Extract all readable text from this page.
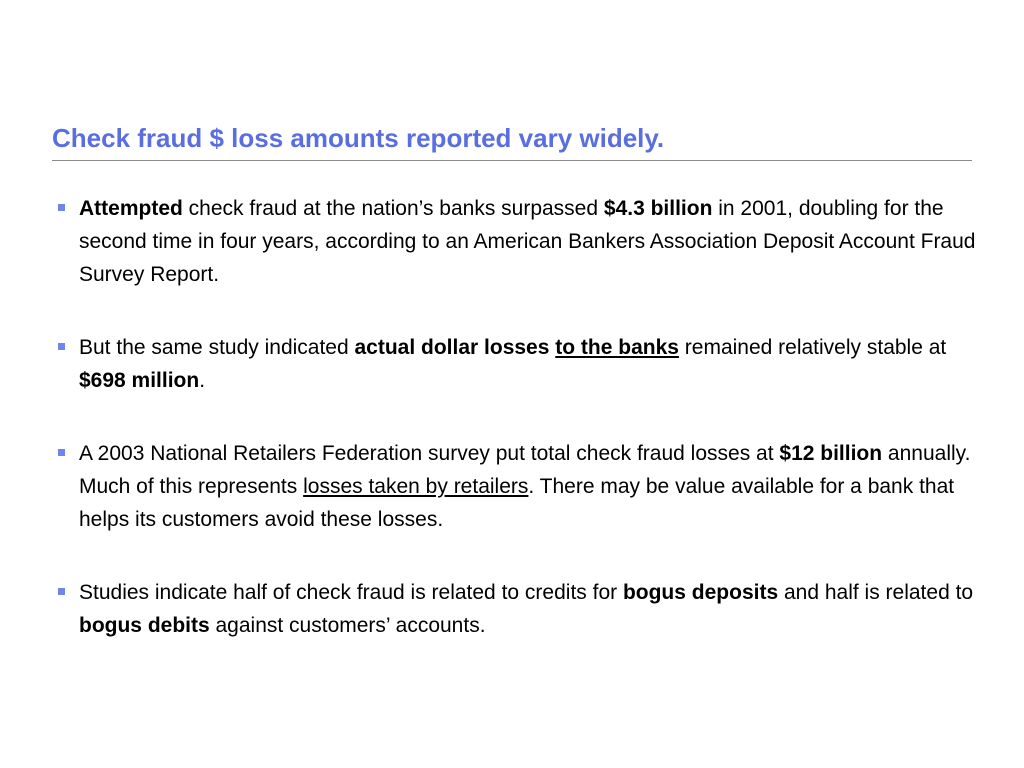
Check fraud $ loss amounts reported vary widely.
Attempted check fraud at the nation’s banks surpassed $4.3 billion in 2001, doubling for the second time in four years, according to an American Bankers Association Deposit Account Fraud Survey Report.
But the same study indicated actual dollar losses to the banks remained relatively stable at $698 million.
A 2003 National Retailers Federation survey put total check fraud losses at $12 billion annually. Much of this represents losses taken by retailers. There may be value available for a bank that helps its customers avoid these losses.
Studies indicate half of check fraud is related to credits for bogus deposits and half is related to bogus debits against customers’ accounts.
